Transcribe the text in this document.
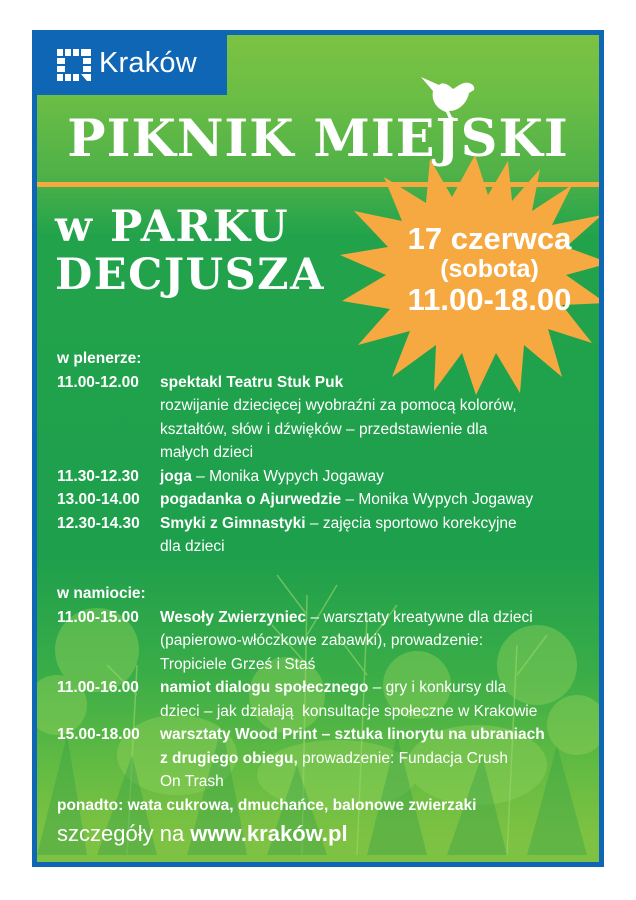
Kraków
PIKNIK MIEJSKI
w PARKU
DECJUSZA
17 czerwca
(sobota)
11.00-18.00
w plenerze:
11.00-12.00	spektakl Teatru Stuk Puk
rozwijanie dziecięcej wyobraźni za pomocą kolorów,
kształtów, słów i dźwięków – przedstawienie dla
małych dzieci
11.30-12.30	joga – Monika Wypych Jogaway
13.00-14.00	pogadanka o Ajurwedzie – Monika Wypych Jogaway
12.30-14.30	Smyki z Gimnastyki – zajęcia sportowo korekcyjne
dla dzieci
w namiocie:
11.00-15.00	Wesoły Zwierzyniec – warsztaty kreatywne dla dzieci
(papierowo-włóczkowe zabawki), prowadzenie:
Tropiciele Grześ i Staś
11.00-16.00	namiot dialogu społecznego – gry i konkursy dla
dzieci – jak działają  konsultacje społeczne w Krakowie
15.00-18.00	warsztaty Wood Print – sztuka linorytu na ubraniach
z drugiego obiegu, prowadzenie: Fundacja Crush
On Trash
ponadto: wata cukrowa, dmuchańce, balonowe zwierzaki
szczegóły na www.kraków.pl
